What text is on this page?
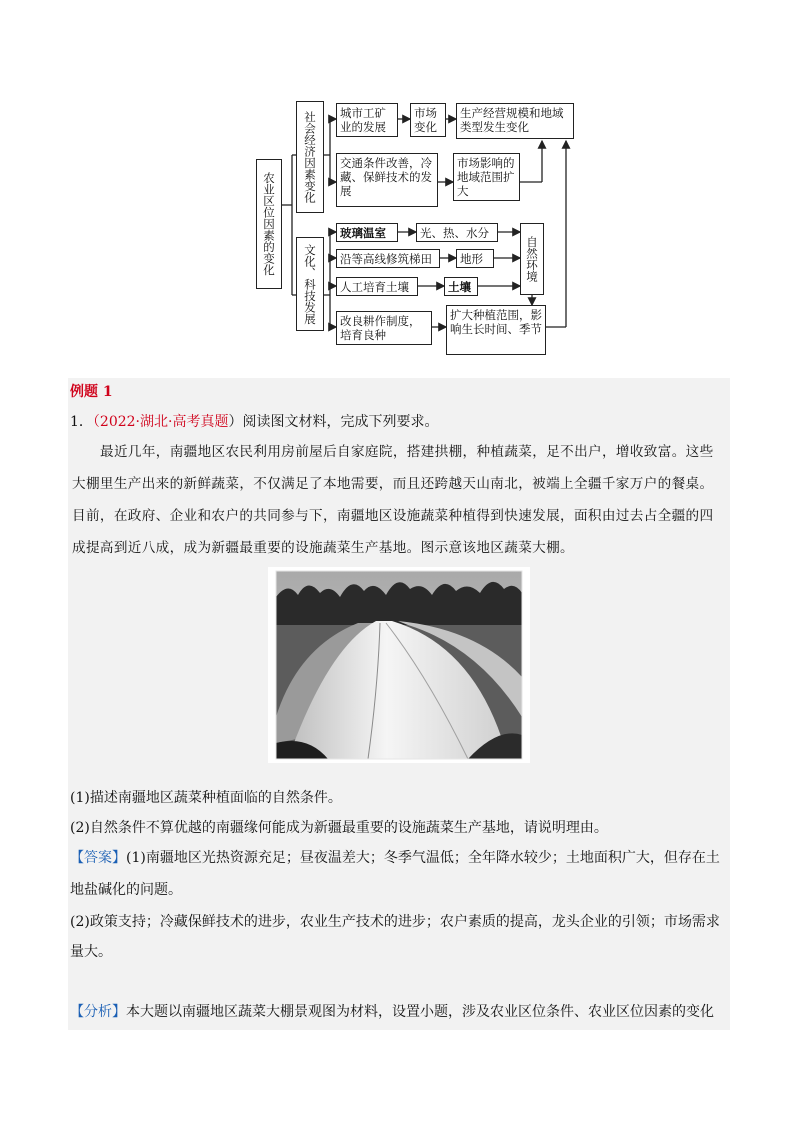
农业区位因素的变化
社会经济因素变化
文化、科技发展
城市工矿业的发展
市场变化
生产经营规模和地域类型发生变化
交通条件改善，冷藏、保鲜技术的发展
市场影响的地域范围扩大
玻璃温室	光、热、水分
沿等高线修筑梯田	地形
人工培育土壤	土壤
自然环境
改良耕作制度，培育良种
扩大种植范围，影响生长时间、季节
例题 1
1．（2022·湖北·高考真题）阅读图文材料，完成下列要求。
最近几年，南疆地区农民利用房前屋后自家庭院，搭建拱棚，种植蔬菜，足不出户，增收致富。这些
大棚里生产出来的新鲜蔬菜，不仅满足了本地需要，而且还跨越天山南北，被端上全疆千家万户的餐桌。
目前，在政府、企业和农户的共同参与下，南疆地区设施蔬菜种植得到快速发展，面积由过去占全疆的四
成提高到近八成，成为新疆最重要的设施蔬菜生产基地。图示意该地区蔬菜大棚。
(1)描述南疆地区蔬菜种植面临的自然条件。
(2)自然条件不算优越的南疆缘何能成为新疆最重要的设施蔬菜生产基地，请说明理由。
【答案】(1)南疆地区光热资源充足；昼夜温差大；冬季气温低；全年降水较少；土地面积广大，但存在土
地盐碱化的问题。
(2)政策支持；冷藏保鲜技术的进步，农业生产技术的进步；农户素质的提高，龙头企业的引领；市场需求
量大。
【分析】本大题以南疆地区蔬菜大棚景观图为材料，设置小题，涉及农业区位条件、农业区位因素的变化
